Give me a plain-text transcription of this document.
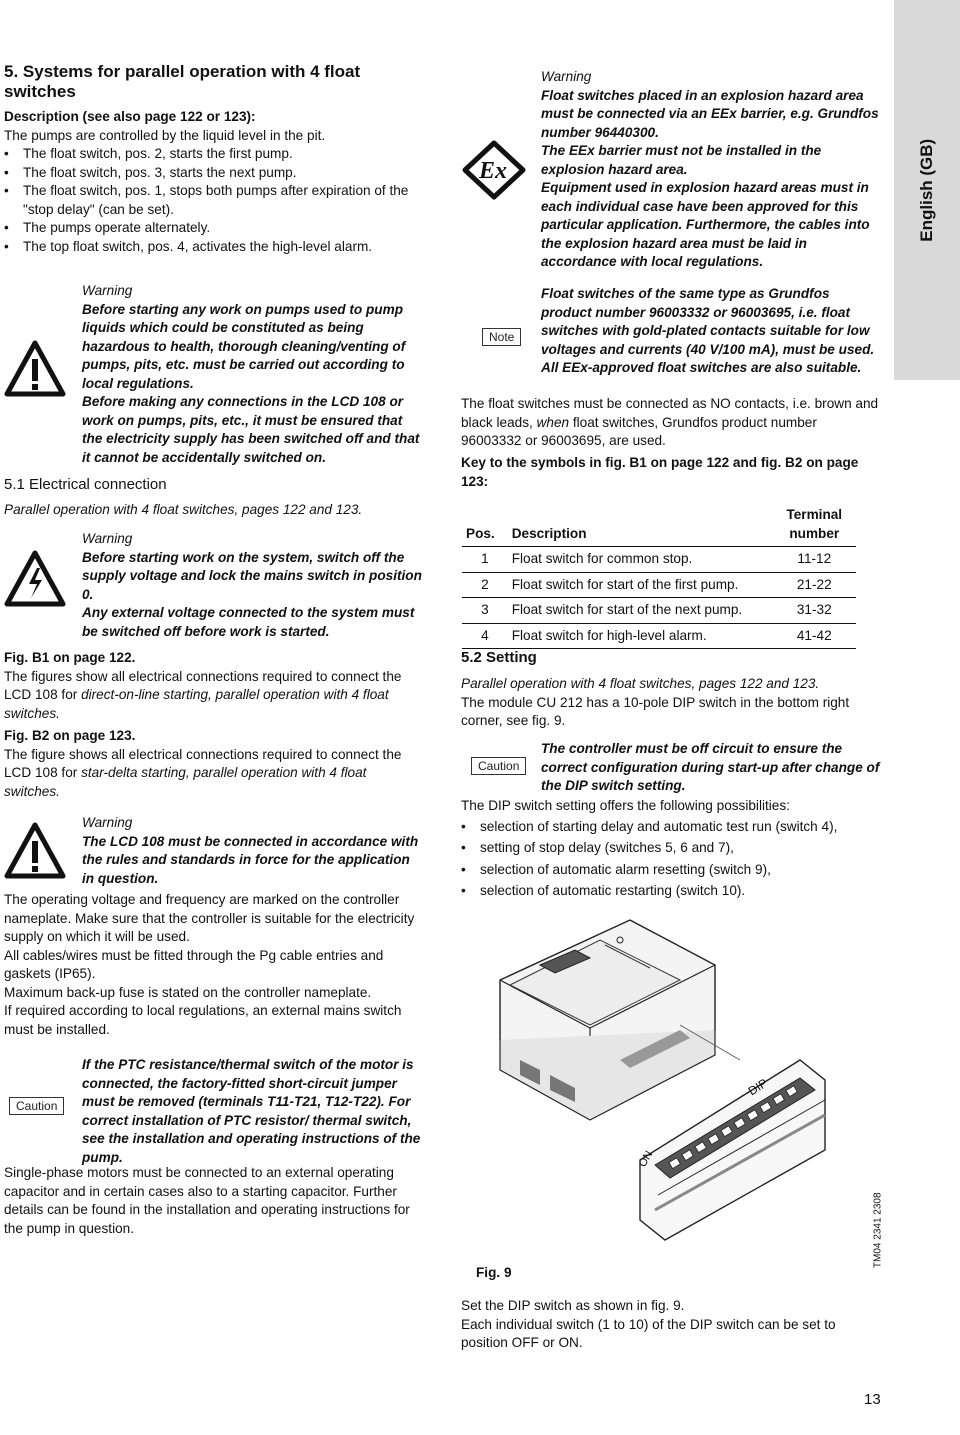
5. Systems for parallel operation with 4 float
switches

Description (see also page 122 or 123):

The pumps are controlled by the liquid level in the pit.

• The float switch, pos. 2, starts the first pump.
• The float switch, pos. 3, starts the next pump.
• The float switch, pos. 1, stops both pumps after expiration of the "stop delay" (can be set).
• The pumps operate alternately.
• The top float switch, pos. 4, activates the high-level alarm.

Warning

Before starting any work on pumps used to pump liquids which could be constituted as being hazardous to health, thorough cleaning/venting of pumps, pits, etc. must be carried out according to local regulations.

Before making any connections in the LCD 108 or work on pumps, pits, etc., it must be ensured that the electricity supply has been switched off and that it cannot be accidentally switched on.

5.1 Electrical connection

Parallel operation with 4 float switches, pages 122 and 123.

Warning

Before starting work on the system, switch off the supply voltage and lock the mains switch in position 0.

Any external voltage connected to the system must be switched off before work is started.

Fig. B1 on page 122.

The figures show all electrical connections required to connect the LCD 108 for direct-on-line starting, parallel operation with 4 float switches.

Fig. B2 on page 123.

The figure shows all electrical connections required to connect the LCD 108 for star-delta starting, parallel operation with 4 float switches.

Warning

The LCD 108 must be connected in accordance with the rules and standards in force for the application in question.

The operating voltage and frequency are marked on the controller nameplate. Make sure that the controller is suitable for the electricity supply on which it will be used.

All cables/wires must be fitted through the Pg cable entries and gaskets (IP65).

Maximum back-up fuse is stated on the controller nameplate.

If required according to local regulations, an external mains switch must be installed.

Caution
If the PTC resistance/thermal switch of the motor is connected, the factory-fitted short-circuit jumper must be removed (terminals T11-T21, T12-T22). For correct installation of PTC resistor/ thermal switch, see the installation and operating instructions of the pump.
Single-phase motors must be connected to an external operating capacitor and in certain cases also to a starting capacitor. Further details can be found in the installation and operating instructions for the pump in question.
Ex

Warning

Float switches placed in an explosion hazard area must be connected via an EEx barrier, e.g. Grundfos number 96440300.

The EEx barrier must not be installed in the explosion hazard area.

Equipment used in explosion hazard areas must in each individual case have been approved for this particular application. Furthermore, the cables into the explosion hazard area must be laid in accordance with local regulations.

English (GB)
Note
Float switches of the same type as Grundfos product number 96003332 or 96003695, i.e. float switches with gold-plated contacts suitable for low voltages and currents (40 V/100 mA), must be used. All EEx-approved float switches are also suitable.
The float switches must be connected as NO contacts, i.e. brown and black leads, when float switches, Grundfos product number 96003332 or 96003695, are used.
Key to the symbols in fig. B1 on page 122 and fig. B2 on page 123:
Pos.	Description	Terminal number
1	Float switch for common stop.	11-12
2	Float switch for start of the first pump.	21-22
3	Float switch for start of the next pump.	31-32
4	Float switch for high-level alarm.	41-42
5.2 Setting

Parallel operation with 4 float switches, pages 122 and 123.

The module CU 212 has a 10-pole DIP switch in the bottom right corner, see fig. 9.

Caution
The controller must be off circuit to ensure the correct configuration during start-up after change of the DIP switch setting.

The DIP switch setting offers the following possibilities:

• selection of starting delay and automatic test run (switch 4),
• setting of stop delay (switches 5, 6 and 7),
• selection of automatic alarm resetting (switch 9),
• selection of automatic restarting (switch 10).
DIP
ON
TM04 2341 2308
Fig. 9

Set the DIP switch as shown in fig. 9.

Each individual switch (1 to 10) of the DIP switch can be set to position OFF or ON.

13
